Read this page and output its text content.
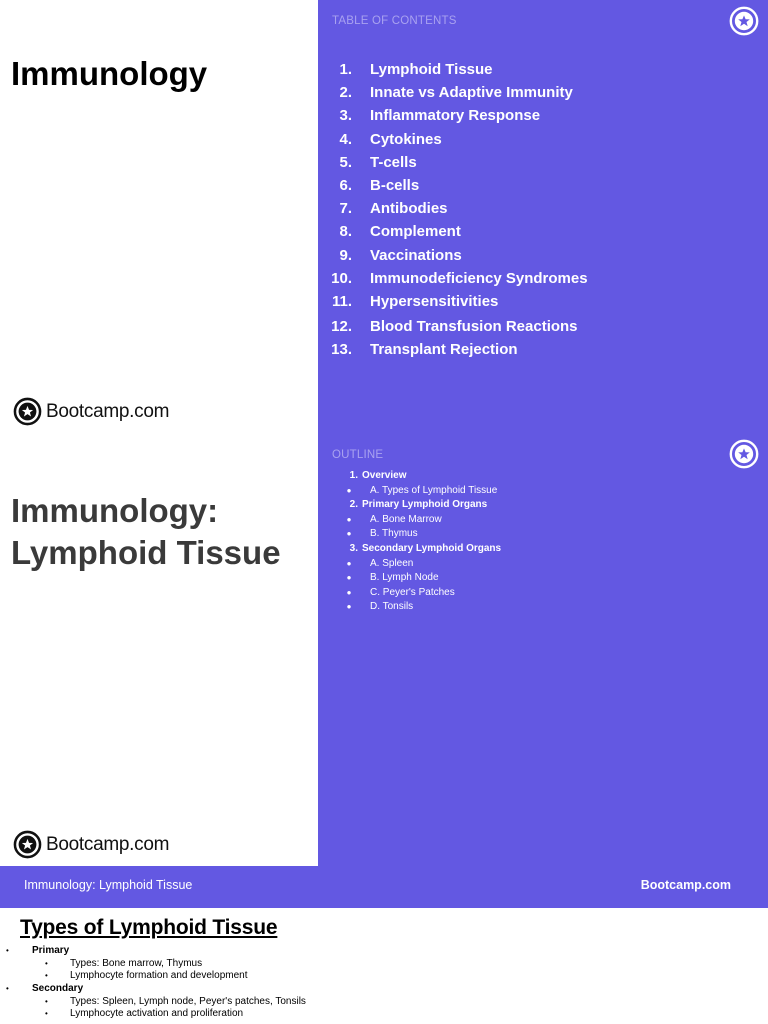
Immunology
Bootcamp.com
TABLE OF CONTENTS
1. Lymphoid Tissue
2. Innate vs Adaptive Immunity
3. Inflammatory Response
4. Cytokines
5. T-cells
6. B-cells
7. Antibodies
8. Complement
9. Vaccinations
10. Immunodeficiency Syndromes
11. Hypersensitivities
12. Blood Transfusion Reactions
13. Transplant Rejection
Immunology:
Lymphoid Tissue
Bootcamp.com
OUTLINE
1. Overview
●	A. Types of Lymphoid Tissue
2. Primary Lymphoid Organs
●	A. Bone Marrow
●	B. Thymus
3. Secondary Lymphoid Organs
●	A. Spleen
●	B. Lymph Node
●	C. Peyer's Patches
●	D. Tonsils
Immunology: Lymphoid Tissue	Bootcamp.com
Types of Lymphoid Tissue
•	Primary
•	Types: Bone marrow, Thymus
•	Lymphocyte formation and development
•	Secondary
•	Types: Spleen, Lymph node, Peyer's patches, Tonsils
•	Lymphocyte activation and proliferation
